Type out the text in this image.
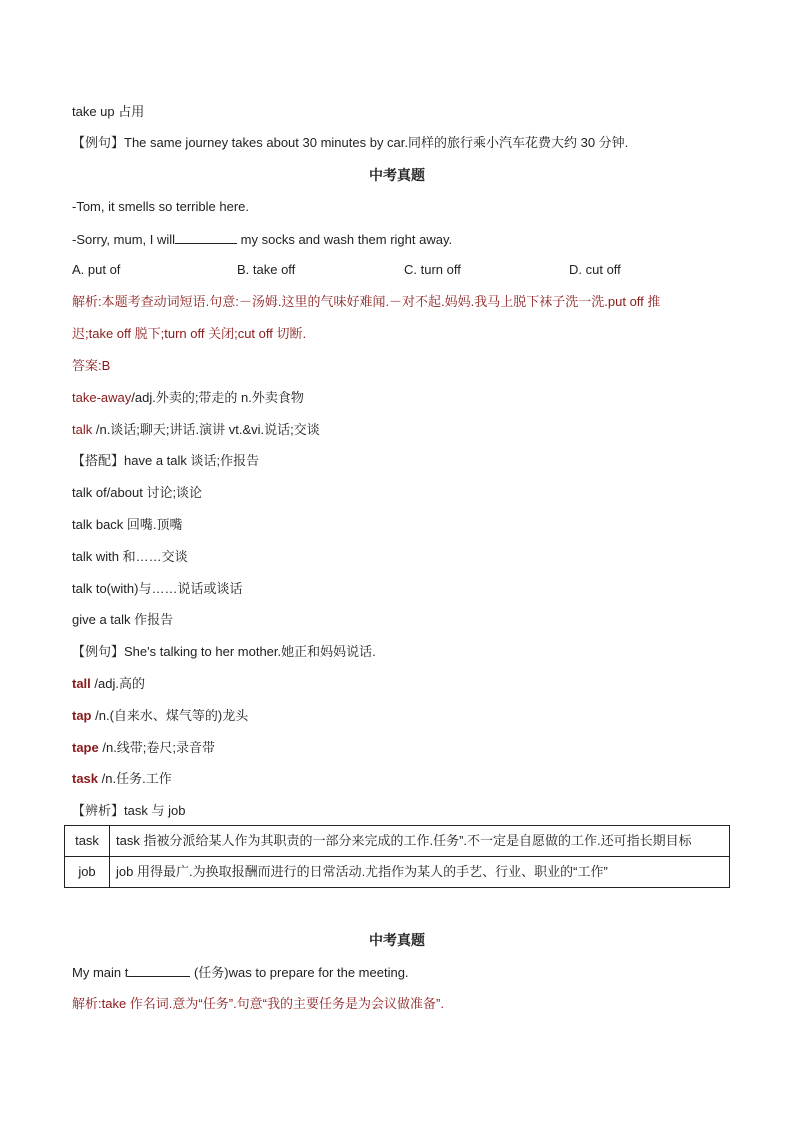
take up 占用
【例句】The same journey takes about 30 minutes by car.同样的旅行乘小汽车花费大约 30 分钟.
中考真题
-Tom, it smells so terrible here.
-Sorry, mum, I will	my socks and wash them right away.
A. put of	B. take off	C. turn off	D. cut off
解析:本题考查动词短语.句意:－汤姆.这里的气味好难闻.－对不起.妈妈.我马上脱下袜子洗一洗.put off 推
迟;take off 脱下;turn off 关闭;cut off 切断.
答案:B
take-away/adj.外卖的;带走的 n.外卖食物
talk /n.谈话;聊天;讲话.演讲 vt.&vi.说话;交谈
【搭配】have a talk 谈话;作报告
talk of/about 讨论;谈论
talk back 回嘴.顶嘴
talk with 和……交谈
talk to(with)与……说话或谈话
give a talk 作报告
【例句】She's talking to her mother.她正和妈妈说话.
tall /adj.高的
tap /n.(自来水、煤气等的)龙头
tape /n.线带;卷尺;录音带
task /n.任务.工作
【辨析】task 与 job
task	task 指被分派给某人作为其职责的一部分来完成的工作.任务”.不一定是自愿做的工作.还可指长期目标
job	job 用得最广.为换取报酬而进行的日常活动.尤指作为某人的手艺、行业、职业的“工作”
中考真题
My main t	(任务)was to prepare for the meeting.
解析:take 作名词.意为“任务”.句意“我的主要任务是为会议做准备”.
